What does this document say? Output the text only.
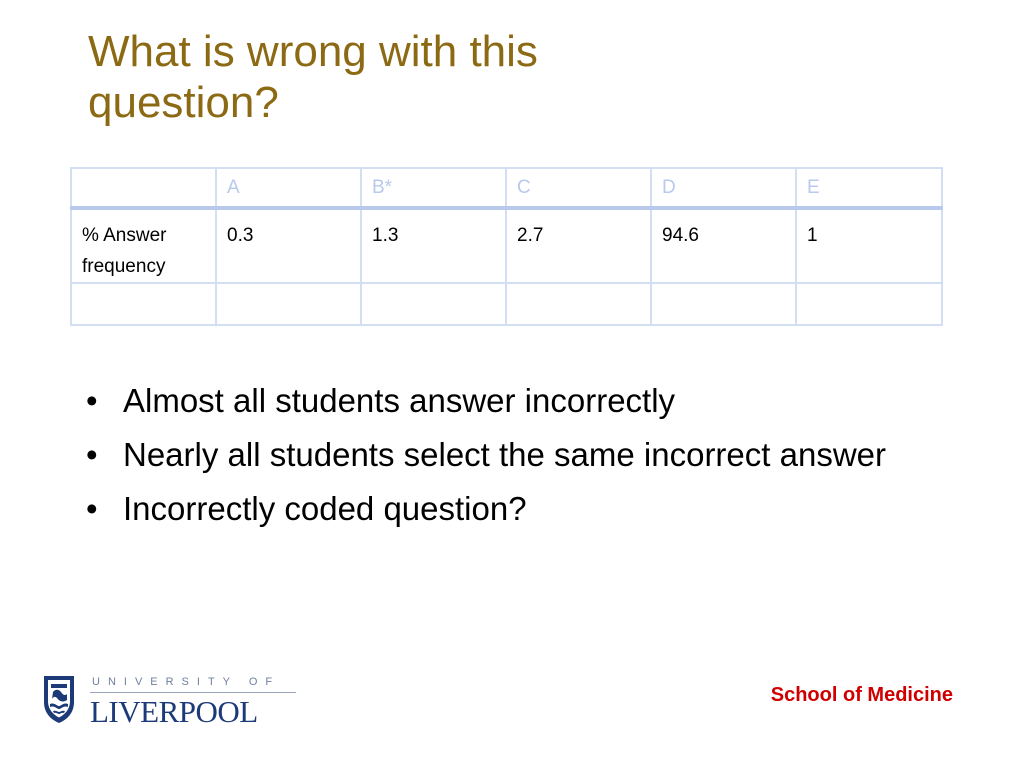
What is wrong with this
question?
	A	B*	C	D	E
% Answer frequency	0.3	1.3	2.7	94.6	1

• Almost all students answer incorrectly
• Nearly all students select the same incorrect answer
• Incorrectly coded question?
UNIVERSITY OF
LIVERPOOL	School of Medicine
